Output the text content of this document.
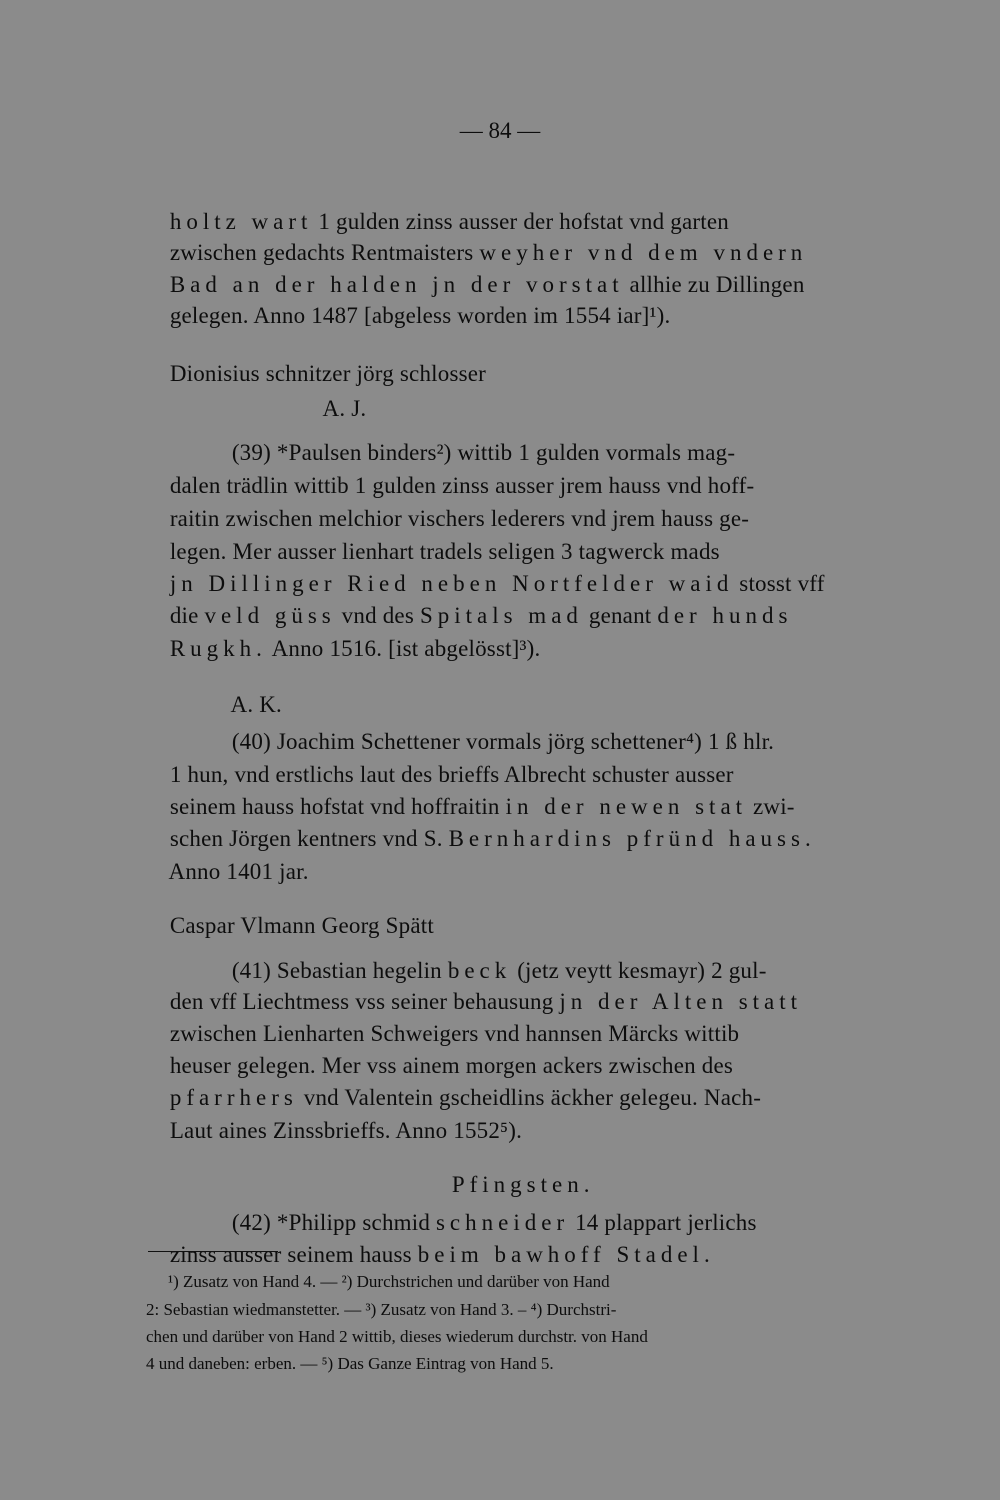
— 84 —

holtz wart 1 gulden zinss ausser der hofstat vnd garten

zwischen gedachts Rentmaisters weyher vnd dem vndern

Bad an der halden jn der vorstat allhie zu Dillingen

gelegen. Anno 1487 [abgeless worden im 1554 iar]¹).

Dionisius schnitzer jörg schlosser

A. J.

(39) *Paulsen binders²) wittib 1 gulden vormals mag-

dalen trädlin wittib 1 gulden zinss ausser jrem hauss vnd hoff-

raitin zwischen melchior vischers lederers vnd jrem hauss ge-

legen. Mer ausser lienhart tradels seligen 3 tagwerck mads

jn Dillinger Ried neben Nortfelder waid stosst vff

die veld güss vnd des Spitals mad genant der hunds

Rugkh. Anno 1516. [ist abgelösst]³).

A. K.

(40) Joachim Schettener vormals jörg schettener⁴) 1 ß hlr.

1 hun, vnd erstlichs laut des brieffs Albrecht schuster ausser

seinem hauss hofstat vnd hoffraitin in der newen stat zwi-

schen Jörgen kentners vnd S. Bernhardins pfründ hauss.

Anno 1401 jar.

Caspar Vlmann Georg Spätt

(41) Sebastian hegelin beck (jetz veytt kesmayr) 2 gul-

den vff Liechtmess vss seiner behausung jn der Alten statt

zwischen Lienharten Schweigers vnd hannsen Märcks wittib

heuser gelegen. Mer vss ainem morgen ackers zwischen des

pfarrhers vnd Valentein gscheidlins äckher gelegeu. Nach-

Laut aines Zinssbrieffs. Anno 1552⁵).

Pfingsten.

(42) *Philipp schmid schneider 14 plappart jerlichs

zinss ausser seinem hauss beim bawhoff Stadel.

¹) Zusatz von Hand 4. — ²) Durchstrichen und darüber von Hand
2: Sebastian wiedmanstetter. — ³) Zusatz von Hand 3. – ⁴) Durchstri-
chen und darüber von Hand 2 wittib, dieses wiederum durchstr. von Hand
4 und daneben: erben. — ⁵) Das Ganze Eintrag von Hand 5.
